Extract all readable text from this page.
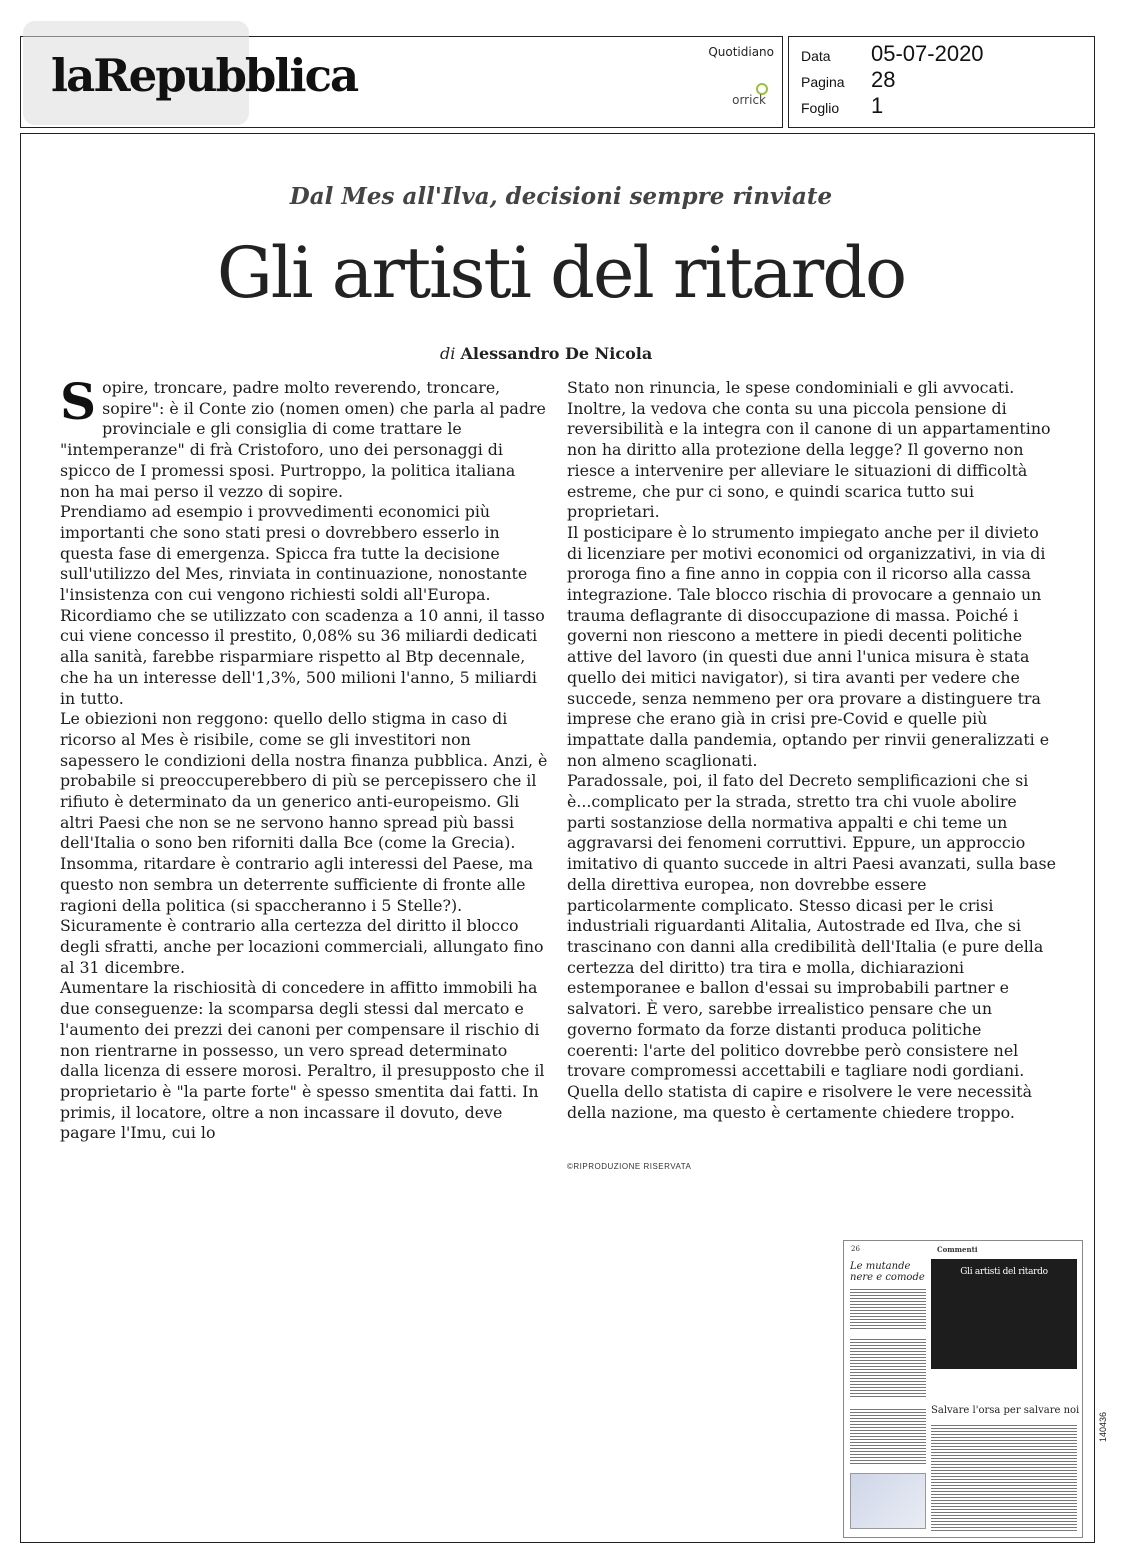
laRepubblica	Quotidiano
orrick
Data	05-07-2020
Pagina	28
Foglio	1
Dal Mes all'Ilva, decisioni sempre rinviate
Gli artisti del ritardo
di Alessandro De Nicola

Sopire, troncare, padre molto reverendo, troncare, sopire": è il Conte zio (nomen omen) che parla al padre provinciale e gli consiglia di come trattare le "intemperanze" di frà Cristoforo, uno dei personaggi di spicco de I promessi sposi. Purtroppo, la politica italiana non ha mai perso il vezzo di sopire.

Prendiamo ad esempio i provvedimenti economici più importanti che sono stati presi o dovrebbero esserlo in questa fase di emergenza. Spicca fra tutte la decisione sull'utilizzo del Mes, rinviata in continuazione, nonostante l'insistenza con cui vengono richiesti soldi all'Europa. Ricordiamo che se utilizzato con scadenza a 10 anni, il tasso cui viene concesso il prestito, 0,08% su 36 miliardi dedicati alla sanità, farebbe risparmiare rispetto al Btp decennale, che ha un interesse dell'1,3%, 500 milioni l'anno, 5 miliardi in tutto.

Le obiezioni non reggono: quello dello stigma in caso di ricorso al Mes è risibile, come se gli investitori non sapessero le condizioni della nostra finanza pubblica. Anzi, è probabile si preoccuperebbero di più se percepissero che il rifiuto è determinato da un generico anti-europeismo. Gli altri Paesi che non se ne servono hanno spread più bassi dell'Italia o sono ben riforniti dalla Bce (come la Grecia). Insomma, ritardare è contrario agli interessi del Paese, ma questo non sembra un deterrente sufficiente di fronte alle ragioni della politica (si spaccheranno i 5 Stelle?).

Sicuramente è contrario alla certezza del diritto il blocco degli sfratti, anche per locazioni commerciali, allungato fino al 31 dicembre.

Aumentare la rischiosità di concedere in affitto immobili ha due conseguenze: la scomparsa degli stessi dal mercato e l'aumento dei prezzi dei canoni per compensare il rischio di non rientrarne in possesso, un vero spread determinato dalla licenza di essere morosi. Peraltro, il presupposto che il proprietario è "la parte forte" è spesso smentita dai fatti. In primis, il locatore, oltre a non incassare il dovuto, deve pagare l'Imu, cui lo

Stato non rinuncia, le spese condominiali e gli avvocati. Inoltre, la vedova che conta su una piccola pensione di reversibilità e la integra con il canone di un appartamentino non ha diritto alla protezione della legge? Il governo non riesce a intervenire per alleviare le situazioni di difficoltà estreme, che pur ci sono, e quindi scarica tutto sui proprietari.

Il posticipare è lo strumento impiegato anche per il divieto di licenziare per motivi economici od organizzativi, in via di proroga fino a fine anno in coppia con il ricorso alla cassa integrazione. Tale blocco rischia di provocare a gennaio un trauma deflagrante di disoccupazione di massa. Poiché i governi non riescono a mettere in piedi decenti politiche attive del lavoro (in questi due anni l'unica misura è stata quello dei mitici navigator), si tira avanti per vedere che succede, senza nemmeno per ora provare a distinguere tra imprese che erano già in crisi pre-Covid e quelle più impattate dalla pandemia, optando per rinvii generalizzati e non almeno scaglionati.

Paradossale, poi, il fato del Decreto semplificazioni che si è...complicato per la strada, stretto tra chi vuole abolire parti sostanziose della normativa appalti e chi teme un aggravarsi dei fenomeni corruttivi. Eppure, un approccio imitativo di quanto succede in altri Paesi avanzati, sulla base della direttiva europea, non dovrebbe essere particolarmente complicato. Stesso dicasi per le crisi industriali riguardanti Alitalia, Autostrade ed Ilva, che si trascinano con danni alla credibilità dell'Italia (e pure della certezza del diritto) tra tira e molla, dichiarazioni estemporanee e ballon d'essai su improbabili partner e salvatori. È vero, sarebbe irrealistico pensare che un governo formato da forze distanti produca politiche coerenti: l'arte del politico dovrebbe però consistere nel trovare compromessi accettabili e tagliare nodi gordiani. Quella dello statista di capire e risolvere le vere necessità della nazione, ma questo è certamente chiedere troppo.

©RIPRODUZIONE RISERVATA
26	Commenti
Le mutande nere e comode	Gli artisti del ritardo
Salvare l'orsa per salvare noi
140436
